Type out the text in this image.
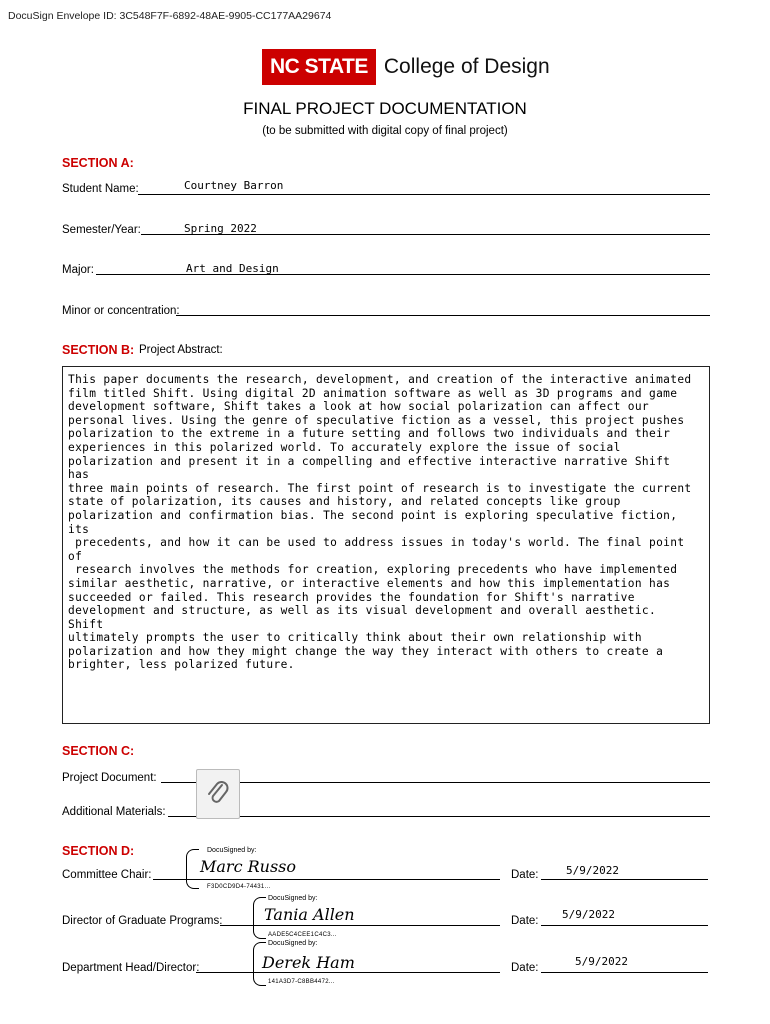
DocuSign Envelope ID: 3C548F7F-6892-48AE-9905-CC177AA29674
NC STATE College of Design
FINAL PROJECT DOCUMENTATION
(to be submitted with digital copy of final project)
SECTION A:
Student Name:	Courtney Barron
Semester/Year:	Spring 2022
Major:	Art and Design
Minor or concentration:
SECTION B: Project Abstract:
This paper documents the research, development, and creation of the interactive animated
film titled Shift. Using digital 2D animation software as well as 3D programs and game
development software, Shift takes a look at how social polarization can affect our
personal lives. Using the genre of speculative fiction as a vessel, this project pushes
polarization to the extreme in a future setting and follows two individuals and their
experiences in this polarized world. To accurately explore the issue of social
polarization and present it in a compelling and effective interactive narrative Shift has
three main points of research. The first point of research is to investigate the current
state of polarization, its causes and history, and related concepts like group
polarization and confirmation bias. The second point is exploring speculative fiction, its
precedents, and how it can be used to address issues in today's world. The final point of
research involves the methods for creation, exploring precedents who have implemented
similar aesthetic, narrative, or interactive elements and how this implementation has
succeeded or failed. This research provides the foundation for Shift's narrative
development and structure, as well as its visual development and overall aesthetic. Shift
ultimately prompts the user to critically think about their own relationship with
polarization and how they might change the way they interact with others to create a
brighter, less polarized future.
SECTION C:
Project Document:
Additional Materials:
SECTION D:
Committee Chair:
DocuSigned by:
Marc Russo
F3D0CD9D4-74431...
Date:	5/9/2022
Director of Graduate Programs:
DocuSigned by:
Tania Allen
AADE5C4CEE1C4C3...
Date: 5/9/2022
Department Head/Director:
DocuSigned by:
Derek Ham
141A3D7-C8BB4472...
Date:	5/9/2022
